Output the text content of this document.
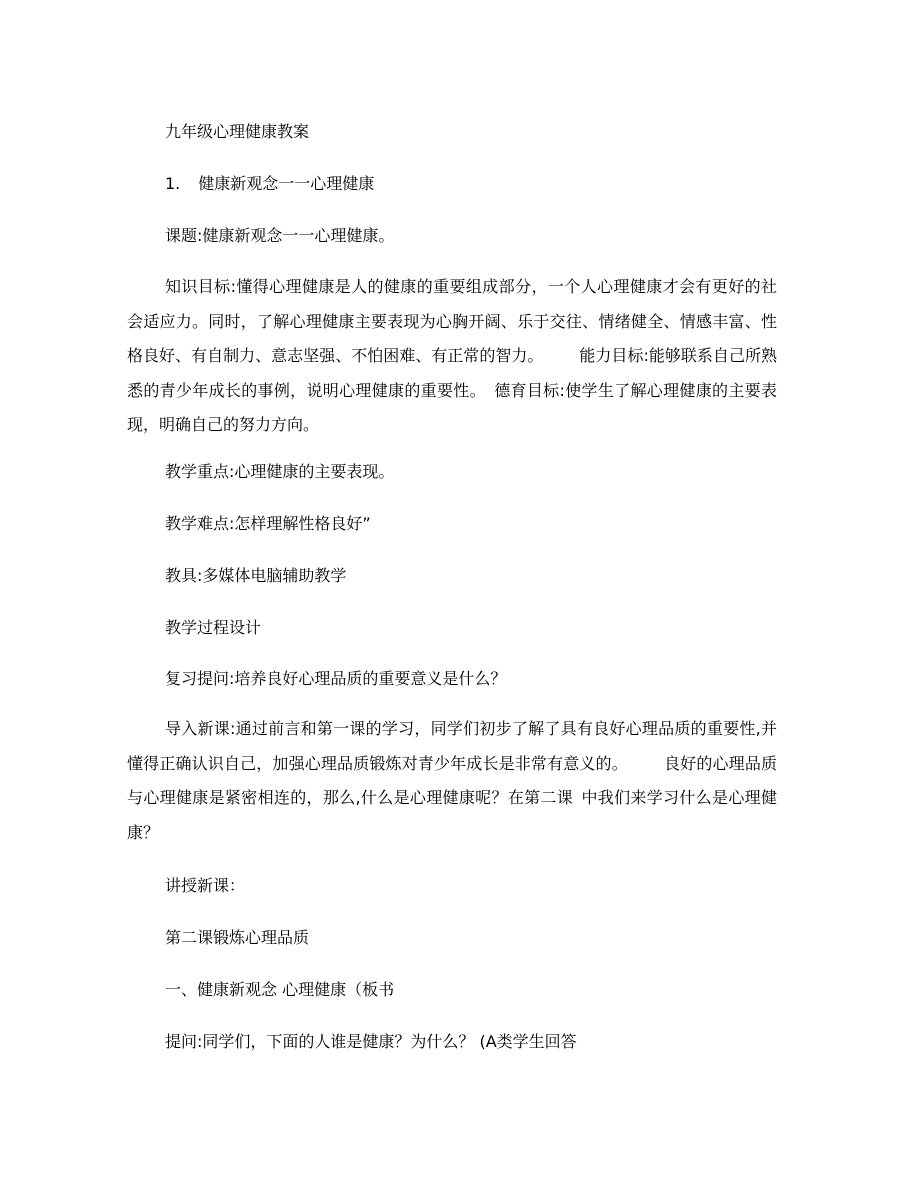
九年级心理健康教案
1. 健康新观念一一心理健康
课题:健康新观念一一心理健康。
知识目标:懂得心理健康是人的健康的重要组成部分，一个人心理健康才会有更好的社会适应力。同时，了解心理健康主要表现为心胸开阔、乐于交往、情绪健全、情感丰富、性格良好、有自制力、意志坚强、不怕困难、有正常的智力。 能力目标:能够联系自己所熟悉的青少年成长的事例，说明心理健康的重要性。 德育目标:使学生了解心理健康的主要表现，明确自己的努力方向。
教学重点:心理健康的主要表现。
教学难点:怎样理解性格良好”
教具:多媒体电脑辅助教学
教学过程设计
复习提问:培养良好心理品质的重要意义是什么？
导入新课:通过前言和第一课的学习，同学们初步了解了具有良好心理品质的重要性,并懂得正确认识自己，加强心理品质锻炼对青少年成长是非常有意义的。 良好的心理品质与心理健康是紧密相连的，那么,什么是心理健康呢？在第二课 中我们来学习什么是心理健康？
讲授新课：
第二课锻炼心理品质
一、健康新观念 心理健康（板书
提问:同学们，下面的人谁是健康？为什么？ (A类学生回答
